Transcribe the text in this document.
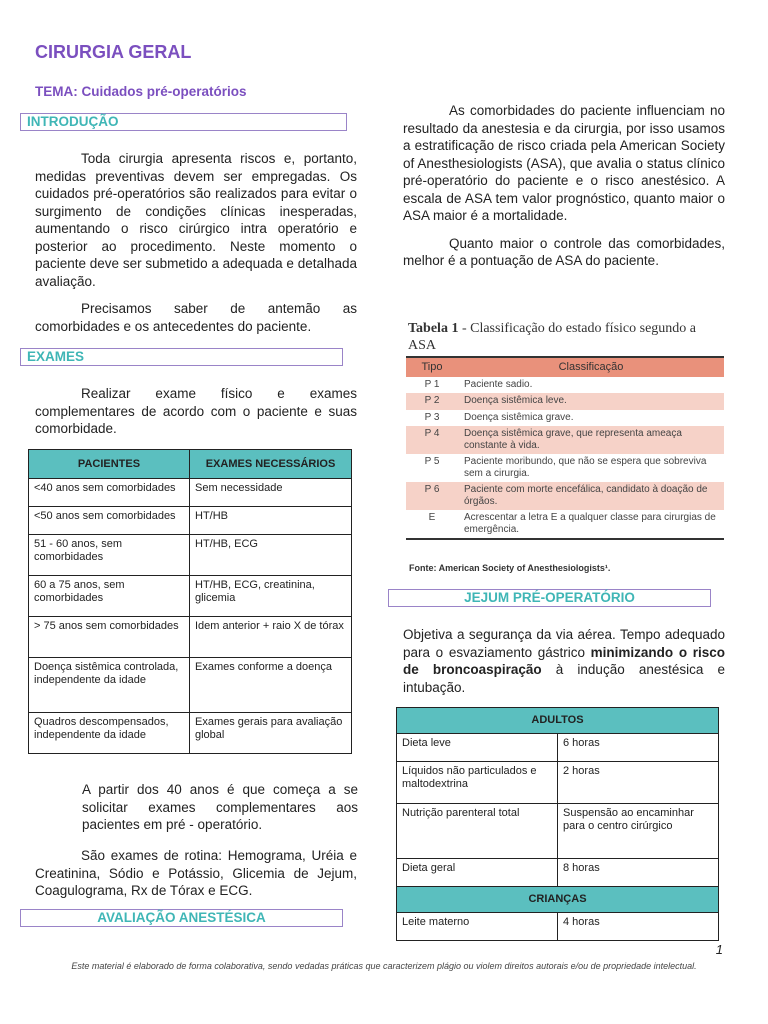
CIRURGIA GERAL
TEMA: Cuidados pré-operatórios
INTRODUÇÃO

Toda cirurgia apresenta riscos e, portanto, medidas preventivas devem ser empregadas. Os cuidados pré-operatórios são realizados para evitar o surgimento de condições clínicas inesperadas, aumentando o risco cirúrgico intra operatório e posterior ao procedimento. Neste momento o paciente deve ser submetido a adequada e detalhada avaliação.

Precisamos saber de antemão as comorbidades e os antecedentes do paciente.

EXAMES

Realizar exame físico e exames complementares de acordo com o paciente e suas comorbidade.

PACIENTES	EXAMES NECESSÁRIOS
<40 anos sem comorbidades	Sem necessidade
<50 anos sem comorbidades	HT/HB
51 - 60 anos, sem comorbidades	HT/HB, ECG
60 a 75 anos, sem comorbidades	HT/HB, ECG, creatinina, glicemia
> 75 anos sem comorbidades	Idem anterior + raio X de tórax
Doença sistêmica controlada, independente da idade	Exames conforme a doença
Quadros descompensados, independente da idade	Exames gerais para avaliação global
A partir dos 40 anos é que começa a se solicitar exames complementares aos pacientes em pré - operatório.

São exames de rotina: Hemograma, Uréia e Creatinina, Sódio e Potássio, Glicemia de Jejum, Coagulograma, Rx de Tórax e ECG.

AVALIAÇÃO ANESTÉSICA

As comorbidades do paciente influenciam no resultado da anestesia e da cirurgia, por isso usamos a estratificação de risco criada pela American Society of Anesthesiologists (ASA), que avalia o status clínico pré-operatório do paciente e o risco anestésico. A escala de ASA tem valor prognóstico, quanto maior o ASA maior é a mortalidade.

Quanto maior o controle das comorbidades, melhor é a pontuação de ASA do paciente.

Tabela 1 - Classificação do estado físico segundo a ASA
Tipo	Classificação
P 1	Paciente sadio.
P 2	Doença sistêmica leve.
P 3	Doença sistêmica grave.
P 4	Doença sistêmica grave, que representa ameaça constante à vida.
P 5	Paciente moribundo, que não se espera que sobreviva sem a cirurgia.
P 6	Paciente com morte encefálica, candidato à doação de órgãos.
E	Acrescentar a letra E a qualquer classe para cirurgias de emergência.
Fonte: American Society of Anesthesiologists¹.
JEJUM PRÉ-OPERATÓRIO

Objetiva a segurança da via aérea. Tempo adequado para o esvaziamento gástrico minimizando o risco de broncoaspiração à indução anestésica e intubação.

ADULTOS	
Dieta leve	6 horas
Líquidos não particulados e maltodextrina	2 horas
Nutrição parenteral total	Suspensão ao encaminhar para o centro cirúrgico
Dieta geral	8 horas
CRIANÇAS	
Leite materno	4 horas
1
Este material é elaborado de forma colaborativa, sendo vedadas práticas que caracterizem plágio ou violem direitos autorais e/ou de propriedade intelectual.
